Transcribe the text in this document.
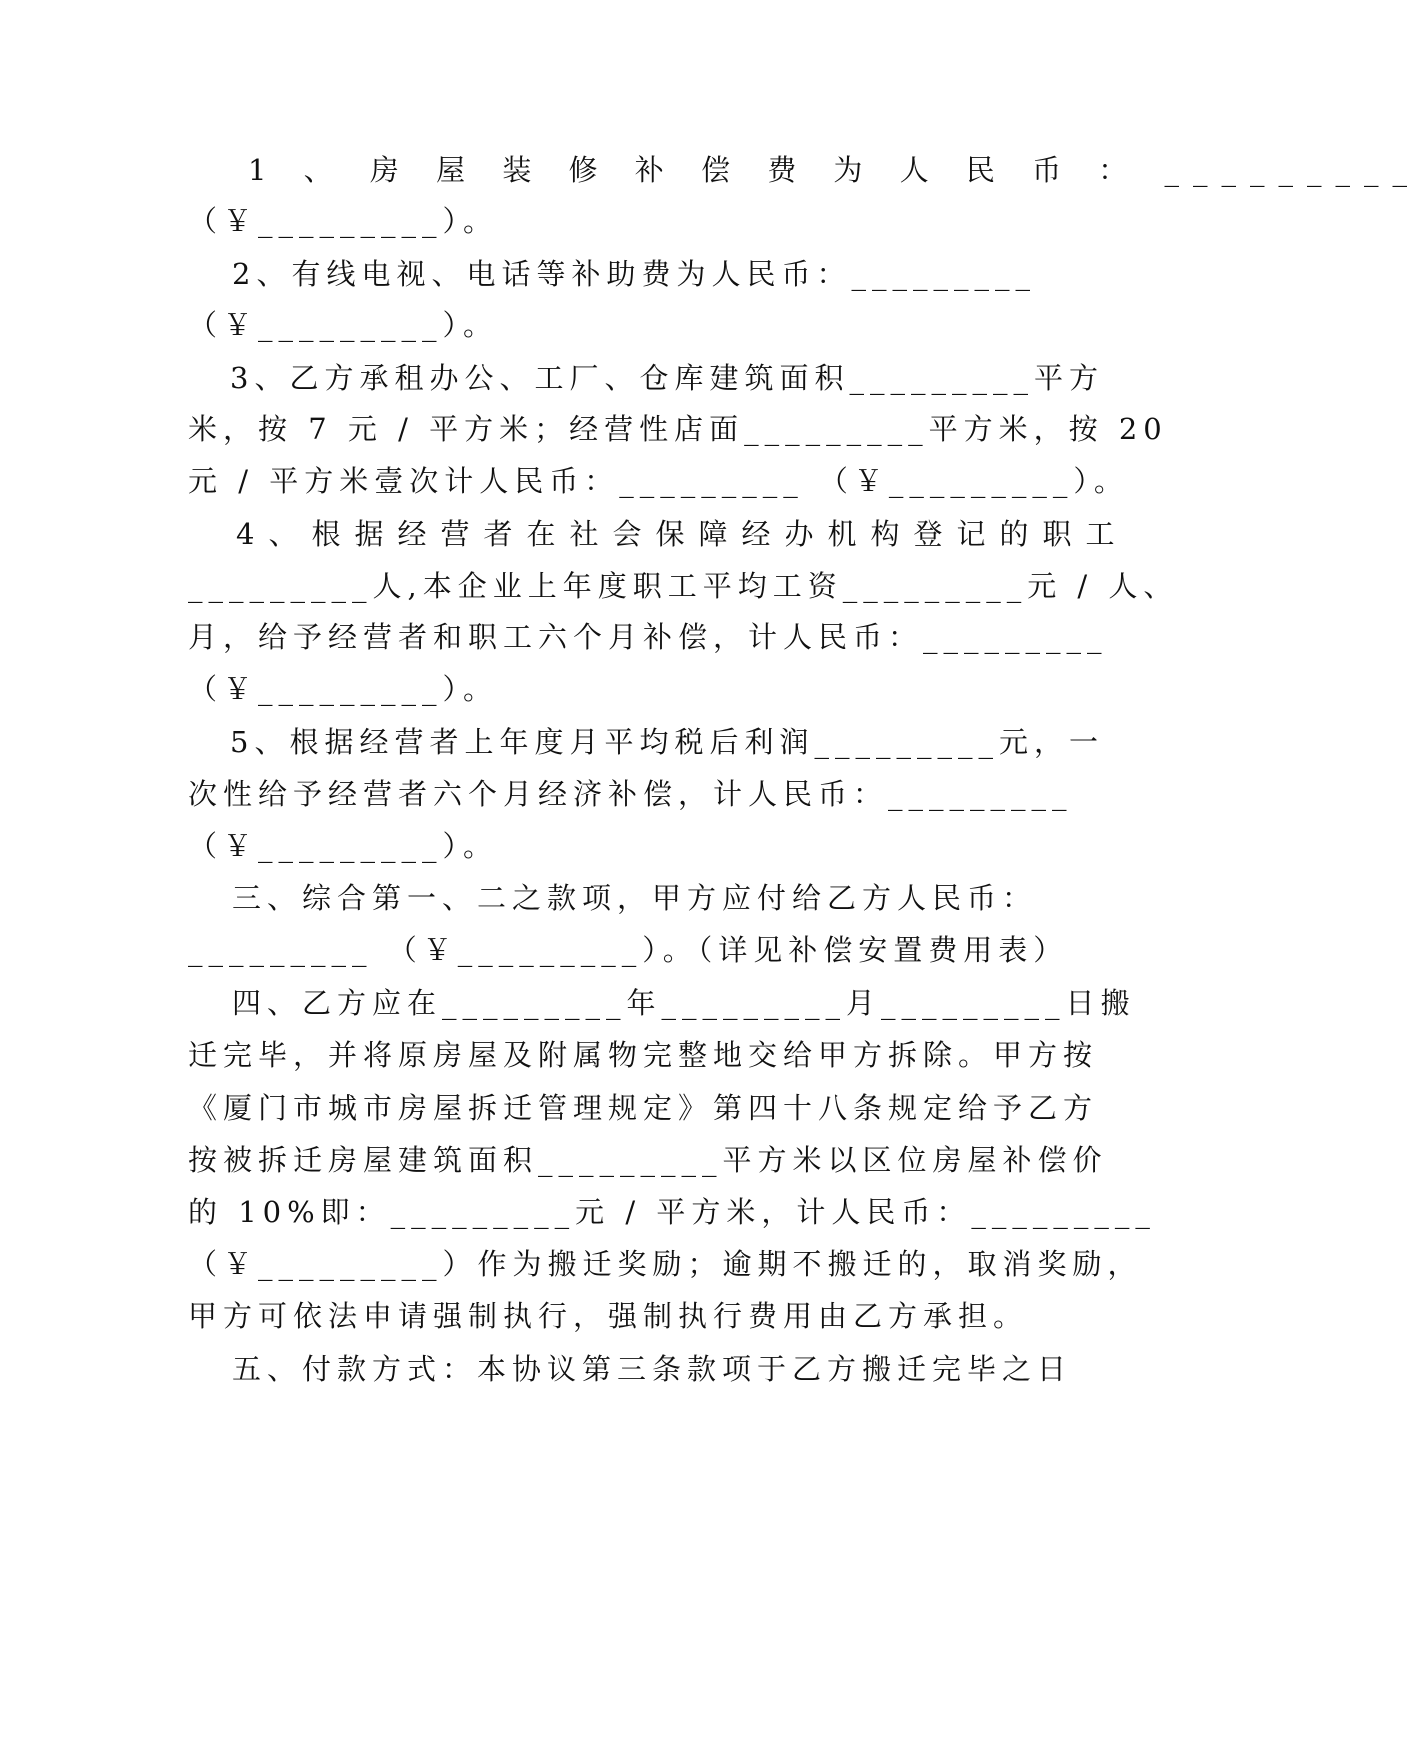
1 、 房 屋 装 修 补 偿 费 为 人 民 币 ： _________
（￥_________）。
2、有线电视、电话等补助费为人民币：_________
（￥_________）。
3、乙方承租办公、工厂、仓库建筑面积_________平方
米，按 7 元 / 平方米；经营性店面_________平方米，按 20
元 / 平方米壹次计人民币：_________ （￥_________）。
4、根据经营者在社会保障经办机构登记的职工
_________人,本企业上年度职工平均工资_________元 / 人、
月，给予经营者和职工六个月补偿，计人民币：_________
（￥_________）。
5、根据经营者上年度月平均税后利润_________元，一
次性给予经营者六个月经济补偿，计人民币：_________
（￥_________）。
三、综合第一、二之款项，甲方应付给乙方人民币：
_________ （￥_________）。（详见补偿安置费用表）
四、乙方应在_________年_________月_________日搬
迁完毕，并将原房屋及附属物完整地交给甲方拆除。甲方按
《厦门市城市房屋拆迁管理规定》第四十八条规定给予乙方
按被拆迁房屋建筑面积_________平方米以区位房屋补偿价
的 10%即：_________元 / 平方米，计人民币：_________
（￥_________）作为搬迁奖励；逾期不搬迁的，取消奖励，
甲方可依法申请强制执行，强制执行费用由乙方承担。
五、付款方式：本协议第三条款项于乙方搬迁完毕之日
